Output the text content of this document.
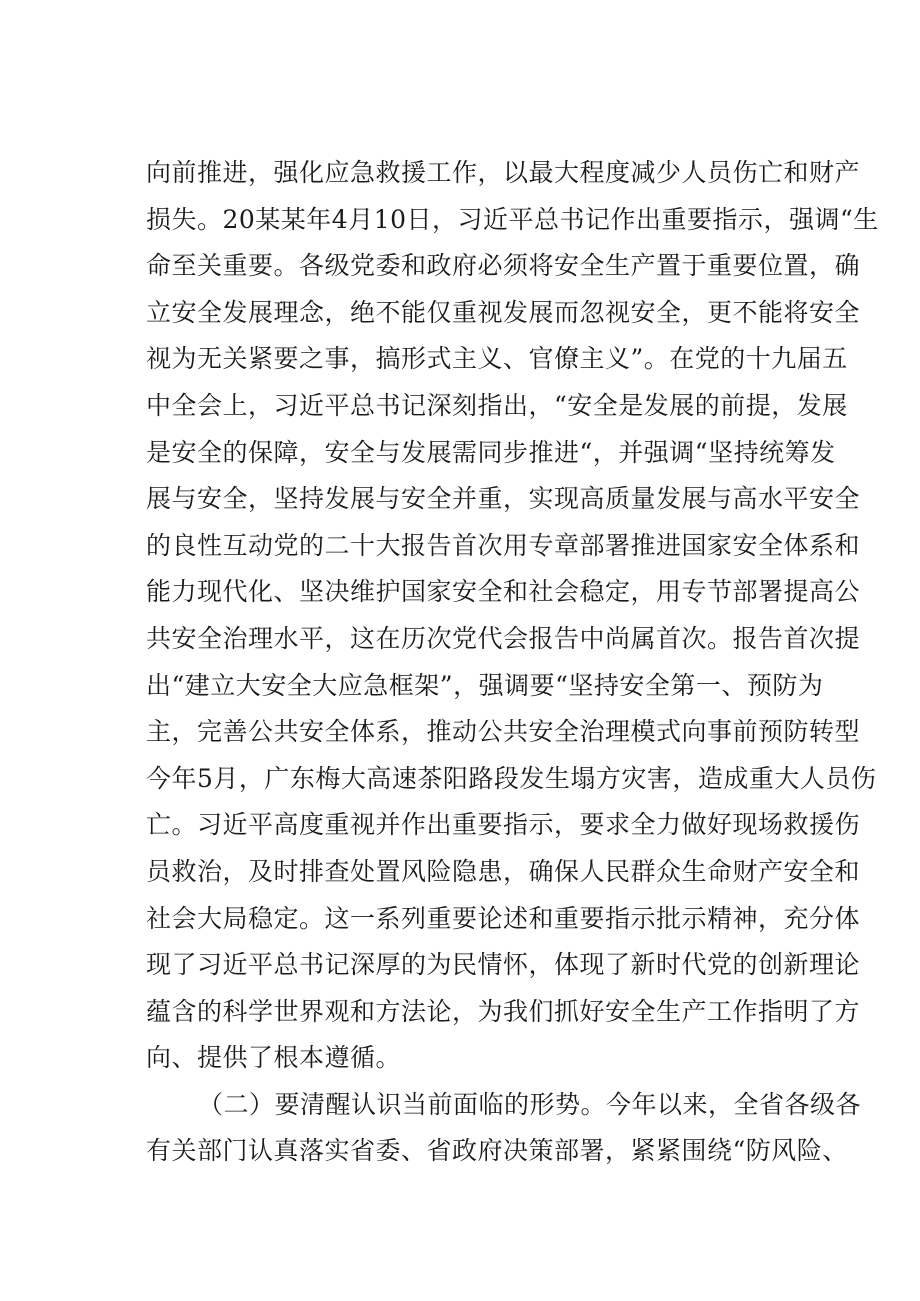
向前推进，强化应急救援工作，以最大程度减少人员伤亡和财产
损失。20某某年4月10日，习近平总书记作出重要指示，强调“生
命至关重要。各级党委和政府必须将安全生产置于重要位置，确
立安全发展理念，绝不能仅重视发展而忽视安全，更不能将安全
视为无关紧要之事，搞形式主义、官僚主义”。在党的十九届五
中全会上，习近平总书记深刻指出，“安全是发展的前提，发展
是安全的保障，安全与发展需同步推进“，并强调“坚持统筹发
展与安全，坚持发展与安全并重，实现高质量发展与高水平安全
的良性互动党的二十大报告首次用专章部署推进国家安全体系和
能力现代化、坚决维护国家安全和社会稳定，用专节部署提高公
共安全治理水平，这在历次党代会报告中尚属首次。报告首次提
出“建立大安全大应急框架”，强调要“坚持安全第一、预防为
主，完善公共安全体系，推动公共安全治理模式向事前预防转型
今年5月，广东梅大高速茶阳路段发生塌方灾害，造成重大人员伤
亡。习近平高度重视并作出重要指示，要求全力做好现场救援伤
员救治，及时排查处置风险隐患，确保人民群众生命财产安全和
社会大局稳定。这一系列重要论述和重要指示批示精神，充分体
现了习近平总书记深厚的为民情怀，体现了新时代党的创新理论
蕴含的科学世界观和方法论，为我们抓好安全生产工作指明了方
向、提供了根本遵循。
（二）要清醒认识当前面临的形势。今年以来，全省各级各
有关部门认真落实省委、省政府决策部署，紧紧围绕“防风险、
